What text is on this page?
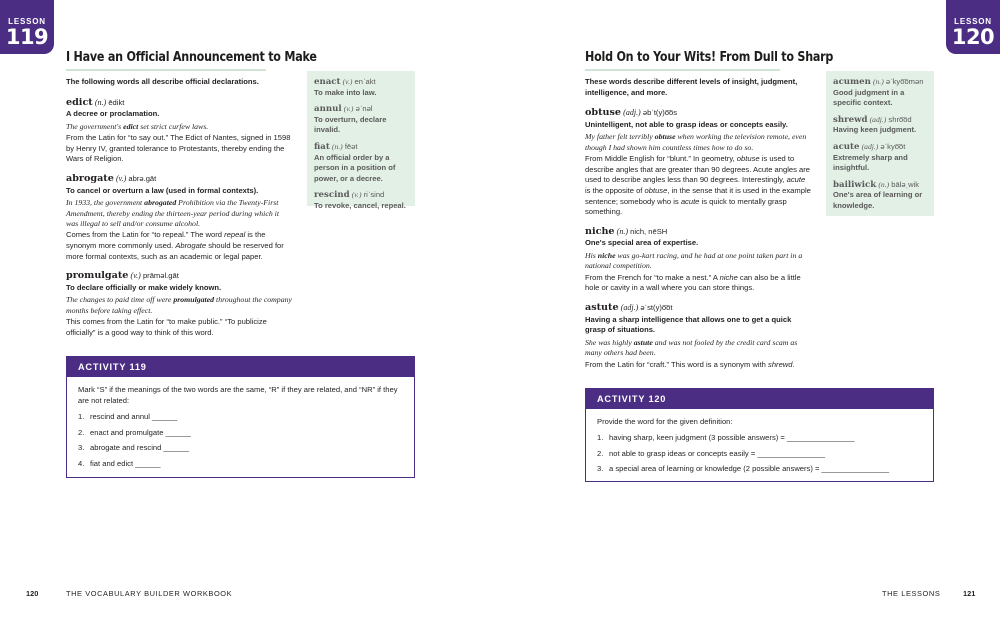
LESSON
119
I Have an Official Announcement to Make
The following words all describe official declarations.
edict (n.) ēdikt
A decree or proclamation.
The government's edict set strict curfew laws.
From the Latin for “to say out.” The Edict of Nantes, signed in 1598 by Henry IV, granted tolerance to Protestants, thereby ending the Wars of Religion.
abrogate (v.) abrə.gāt
To cancel or overturn a law (used in formal contexts).
In 1933, the government abrogated Prohibition via the Twenty-First Amendment, thereby ending the thirteen-year period during which it was illegal to sell and/or consume alcohol.
Comes from the Latin for “to repeal.” The word repeal is the synonym more commonly used. Abrogate should be reserved for more formal contexts, such as an academic or legal paper.
promulgate (v.) prāməl.gāt
To declare officially or make widely known.
The changes to paid time off were promulgated throughout the company months before taking effect.
This comes from the Latin for “to make public.” “To publicize officially” is a good way to think of this word.
enact (v.) enˈakt
To make into law.
annul (v.) əˈnəl
To overturn, declare invalid.
fiat (n.) fēət
An official order by a person in a position of power, or a decree.
rescind (v.) riˈsind
To revoke, cancel, repeal.
ACTIVITY 119
Mark “S” if the meanings of the two words are the same, “R” if they are related, and “NR” if they are not related:
1. rescind and annul ______
2. enact and promulgate ______
3. abrogate and rescind ______
4. fiat and edict ______
120	THE VOCABULARY BUILDER WORKBOOK
Hold On to Your Wits! From Dull to Sharp
These words describe different levels of insight, judgment, intelligence, and more.
obtuse (adj.) əbˈt(y)o͞os
Unintelligent, not able to grasp ideas or concepts easily.
My father felt terribly obtuse when working the television remote, even though I had shown him countless times how to do so.
From Middle English for “blunt.” In geometry, obtuse is used to describe angles that are greater than 90 degrees. Acute angles are used to describe angles less than 90 degrees. Interestingly, acute is the opposite of obtuse, in the sense that it is used in the example sentence; somebody who is acute is quick to mentally grasp something.
niche (n.) nich, nēSH
One's special area of expertise.
His niche was go-kart racing, and he had at one point taken part in a national competition.
From the French for “to make a nest.” A niche can also be a little hole or cavity in a wall where you can store things.
astute (adj.) əˈst(y)o͞ot
Having a sharp intelligence that allows one to get a quick grasp of situations.
She was highly astute and was not fooled by the credit card scam as many others had been.
From the Latin for “craft.” This word is a synonym with shrewd.
acumen (n.) əˈkyo͞omən
Good judgment in a specific context.
shrewd (adj.) shro͞od
Having keen judgment.
acute (adj.) əˈkyo͞ot
Extremely sharp and insightful.
bailiwick (n.) bāləˌwik
One's area of learning or knowledge.
ACTIVITY 120
Provide the word for the given definition:
1. having sharp, keen judgment (3 possible answers) = ________________
2. not able to grasp ideas or concepts easily = ________________
3. a special area of learning or knowledge (2 possible answers) = ________________
THE LESSONS	121
LESSON
120
